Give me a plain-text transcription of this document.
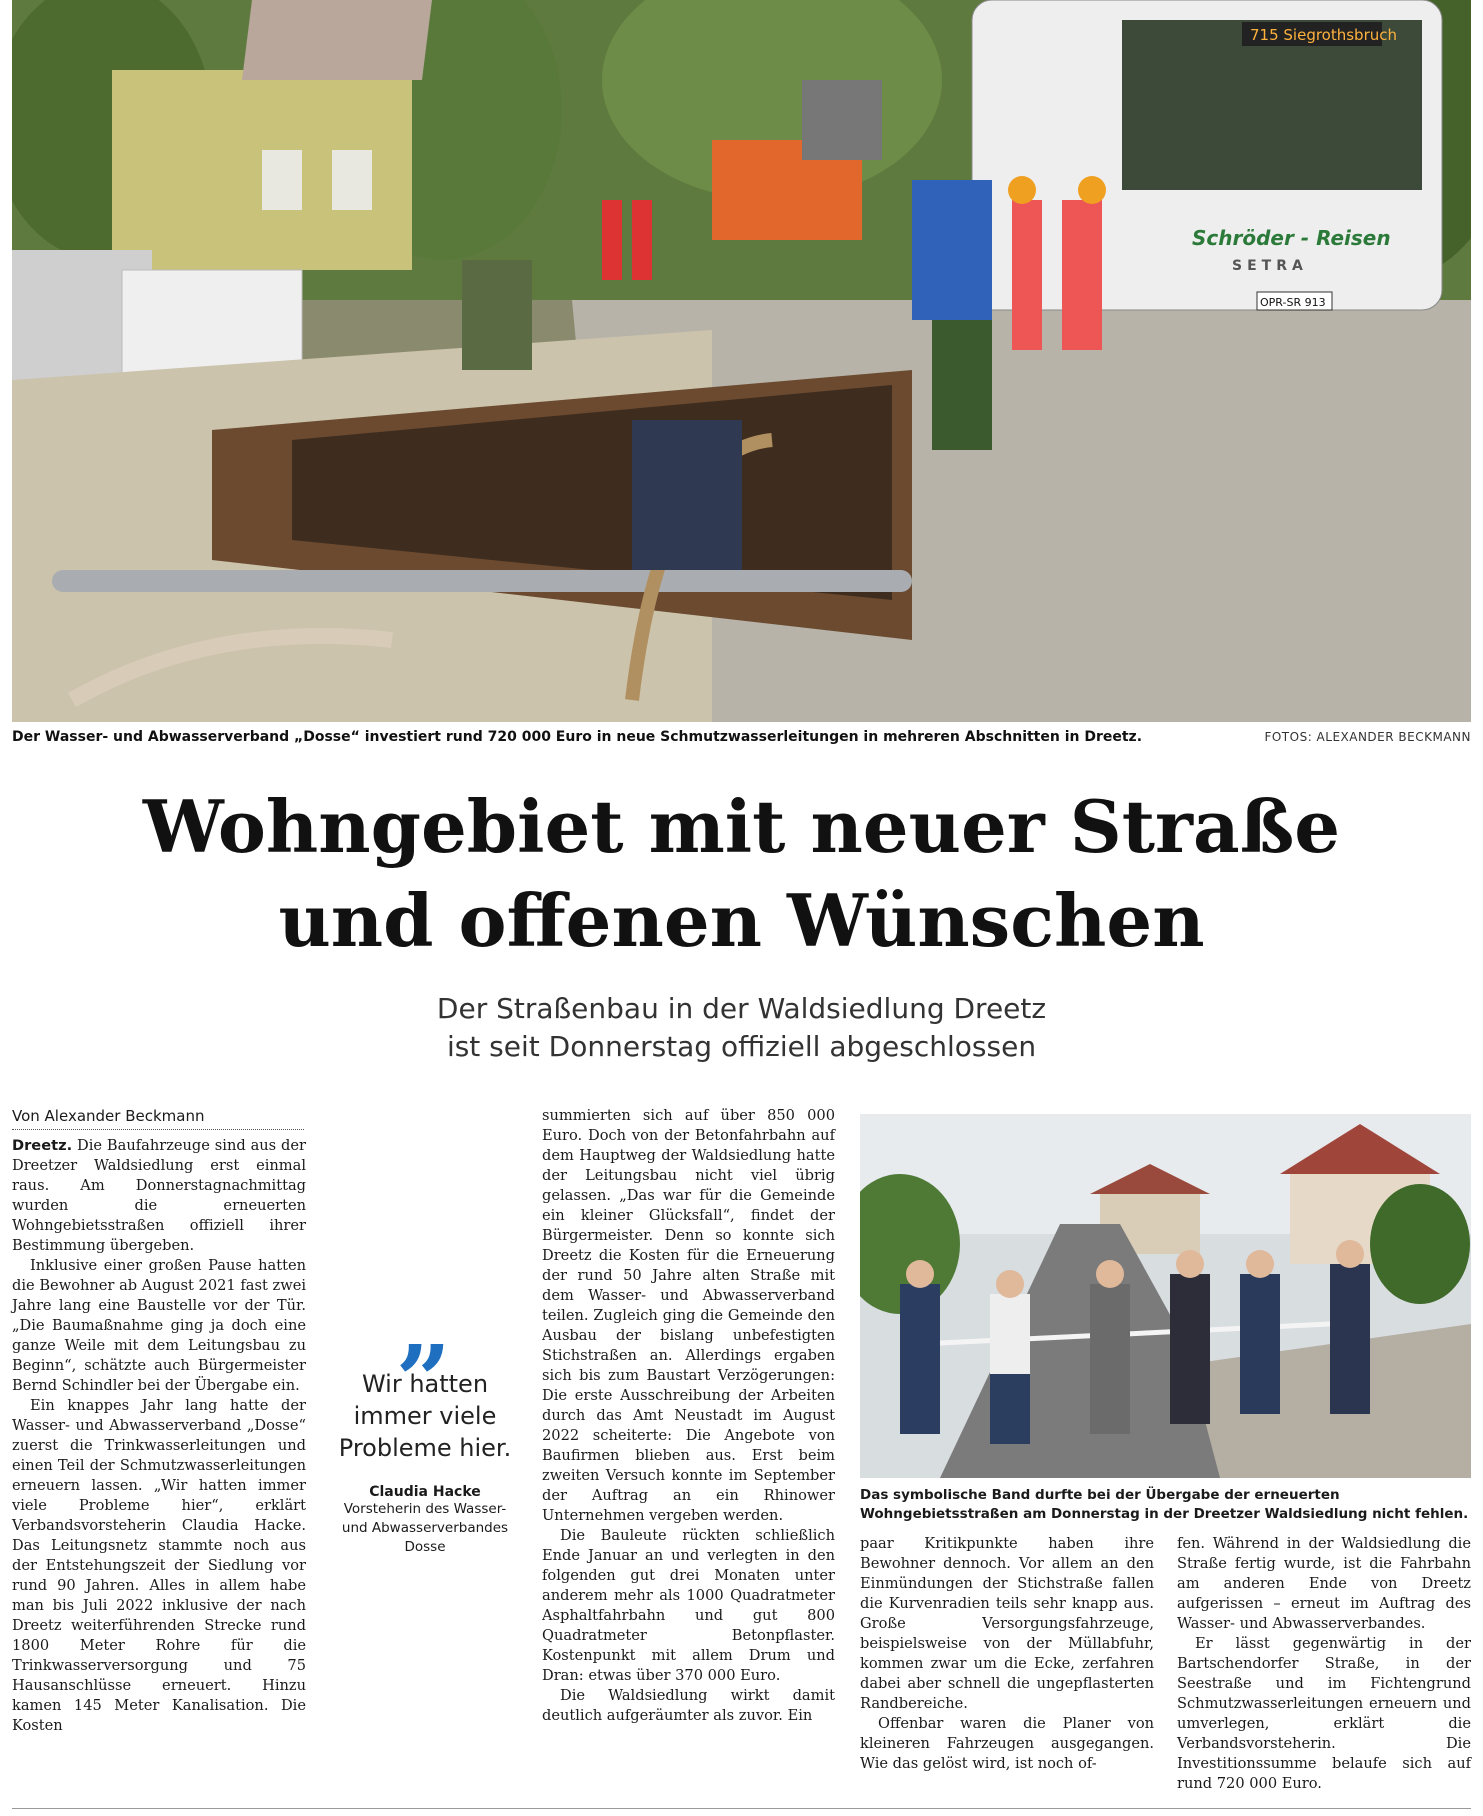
715 Siegrothsbruch
Schröder - Reisen
SETRA
OPR-SR 913
Der Wasser- und Abwasserverband „Dosse“ investiert rund 720 000 Euro in neue Schmutzwasserleitungen in mehreren Abschnitten in Dreetz.	FOTOS: ALEXANDER BECKMANN
Wohngebiet mit neuer Straße
und offenen Wünschen
Der Straßenbau in der Waldsiedlung Dreetz
ist seit Donnerstag offiziell abgeschlossen
Von Alexander Beckmann

Dreetz. Die Baufahrzeuge sind aus der Dreetzer Waldsiedlung erst einmal raus. Am Donnerstagnachmittag wurden die erneuerten Wohngebietsstraßen offiziell ihrer Bestimmung übergeben.

Inklusive einer großen Pause hatten die Bewohner ab August 2021 fast zwei Jahre lang eine Baustelle vor der Tür. „Die Baumaßnahme ging ja doch eine ganze Weile mit dem Leitungsbau zu Beginn“, schätzte auch Bürgermeister Bernd Schindler bei der Übergabe ein.

Ein knappes Jahr lang hatte der Wasser- und Abwasserverband „Dosse“ zuerst die Trinkwasserleitungen und einen Teil der Schmutzwasserleitungen erneuern lassen. „Wir hatten immer viele Probleme hier“, erklärt Verbandsvorsteherin Claudia Hacke. Das Leitungsnetz stammte noch aus der Entstehungszeit der Siedlung vor rund 90 Jahren. Alles in allem habe man bis Juli 2022 inklusive der nach Dreetz weiterführenden Strecke rund 1800 Meter Rohre für die Trinkwasserversorgung und 75 Hausanschlüsse erneuert. Hinzu kamen 145 Meter Kanalisation. Die Kosten

„
Wir hatten immer viele Probleme hier.
Claudia Hacke
Vorsteherin des Wasser- und Abwasserverbandes Dosse

summierten sich auf über 850 000 Euro. Doch von der Betonfahrbahn auf dem Hauptweg der Waldsiedlung hatte der Leitungsbau nicht viel übrig gelassen. „Das war für die Gemeinde ein kleiner Glücksfall“, findet der Bürgermeister. Denn so konnte sich Dreetz die Kosten für die Erneuerung der rund 50 Jahre alten Straße mit dem Wasser- und Abwasserverband teilen. Zugleich ging die Gemeinde den Ausbau der bislang unbefestigten Stichstraßen an. Allerdings ergaben sich bis zum Baustart Verzögerungen: Die erste Ausschreibung der Arbeiten durch das Amt Neustadt im August 2022 scheiterte: Die Angebote von Baufirmen blieben aus. Erst beim zweiten Versuch konnte im September der Auftrag an ein Rhinower Unternehmen vergeben werden.

Die Bauleute rückten schließlich Ende Januar an und verlegten in den folgenden gut drei Monaten unter anderem mehr als 1000 Quadratmeter Asphaltfahrbahn und gut 800 Quadratmeter Betonpflaster. Kostenpunkt mit allem Drum und Dran: etwas über 370 000 Euro.

Die Waldsiedlung wirkt damit deutlich aufgeräumter als zuvor. Ein

Das symbolische Band durfte bei der Übergabe der erneuerten Wohngebietsstraßen am Donnerstag in der Dreetzer Waldsiedlung nicht fehlen.

paar Kritikpunkte haben ihre Bewohner dennoch. Vor allem an den Einmündungen der Stichstraße fallen die Kurvenradien teils sehr knapp aus. Große Versorgungsfahrzeuge, beispielsweise von der Müllabfuhr, kommen zwar um die Ecke, zerfahren dabei aber schnell die ungepflasterten Randbereiche.

Offenbar waren die Planer von kleineren Fahrzeugen ausgegangen. Wie das gelöst wird, ist noch of-

fen. Während in der Waldsiedlung die Straße fertig wurde, ist die Fahrbahn am anderen Ende von Dreetz aufgerissen – erneut im Auftrag des Wasser- und Abwasserverbandes.

Er lässt gegenwärtig in der Bartschendorfer Straße, in der Seestraße und im Fichtengrund Schmutzwasserleitungen erneuern und umverlegen, erklärt die Verbandsvorsteherin. Die Investitionssumme belaufe sich auf rund 720 000 Euro.
